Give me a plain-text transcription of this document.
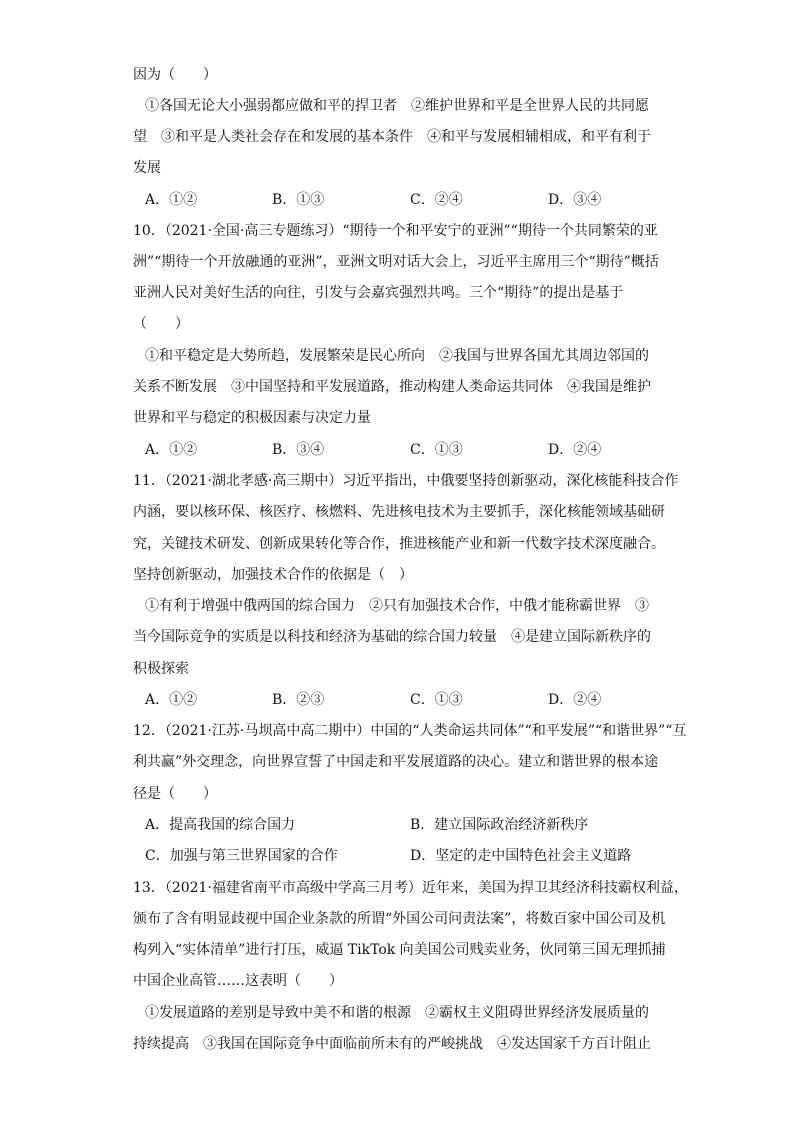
因为（　　）
①各国无论大小强弱都应做和平的捍卫者　②维护世界和平是全世界人民的共同愿
望　③和平是人类社会存在和发展的基本条件　④和平与发展相辅相成，和平有利于
发展
A．①②	B．①③	C．②④	D．③④
10．（2021·全国·高三专题练习）“期待一个和平安宁的亚洲”“期待一个共同繁荣的亚
洲”“期待一个开放融通的亚洲”，亚洲文明对话大会上，习近平主席用三个“期待”概括
亚洲人民对美好生活的向往，引发与会嘉宾强烈共鸣。三个“期待”的提出是基于
（　　）
①和平稳定是大势所趋，发展繁荣是民心所向　②我国与世界各国尤其周边邻国的
关系不断发展　③中国坚持和平发展道路，推动构建人类命运共同体　④我国是维护
世界和平与稳定的积极因素与决定力量
A．①②	B．③④	C．①③	D．②④
11．（2021·湖北孝感·高三期中）习近平指出，中俄要坚持创新驱动，深化核能科技合作
内涵，要以核环保、核医疗、核燃料、先进核电技术为主要抓手，深化核能领域基础研
究，关键技术研发、创新成果转化等合作，推进核能产业和新一代数字技术深度融合。
坚持创新驱动，加强技术合作的依据是（　）
①有利于增强中俄两国的综合国力　②只有加强技术合作，中俄才能称霸世界　③
当今国际竞争的实质是以科技和经济为基础的综合国力较量　④是建立国际新秩序的
积极探索
A．①②	B．②③	C．①③	D．②④
12．（2021·江苏·马坝高中高二期中）中国的“人类命运共同体”“和平发展”“和谐世界”“互
利共赢”外交理念，向世界宣誓了中国走和平发展道路的决心。建立和谐世界的根本途
径是（　　）
A．提高我国的综合国力	B．建立国际政治经济新秩序
C．加强与第三世界国家的合作	D．坚定的走中国特色社会主义道路
13．（2021·福建省南平市高级中学高三月考）近年来，美国为捍卫其经济科技霸权利益，
颁布了含有明显歧视中国企业条款的所谓“外国公司问责法案”，将数百家中国公司及机
构列入“实体清单”进行打压，威逼 TikTok 向美国公司贱卖业务，伙同第三国无理抓捕
中国企业高管……这表明（　　）
①发展道路的差别是导致中美不和谐的根源　②霸权主义阻碍世界经济发展质量的
持续提高　③我国在国际竞争中面临前所未有的严峻挑战　④发达国家千方百计阻止
